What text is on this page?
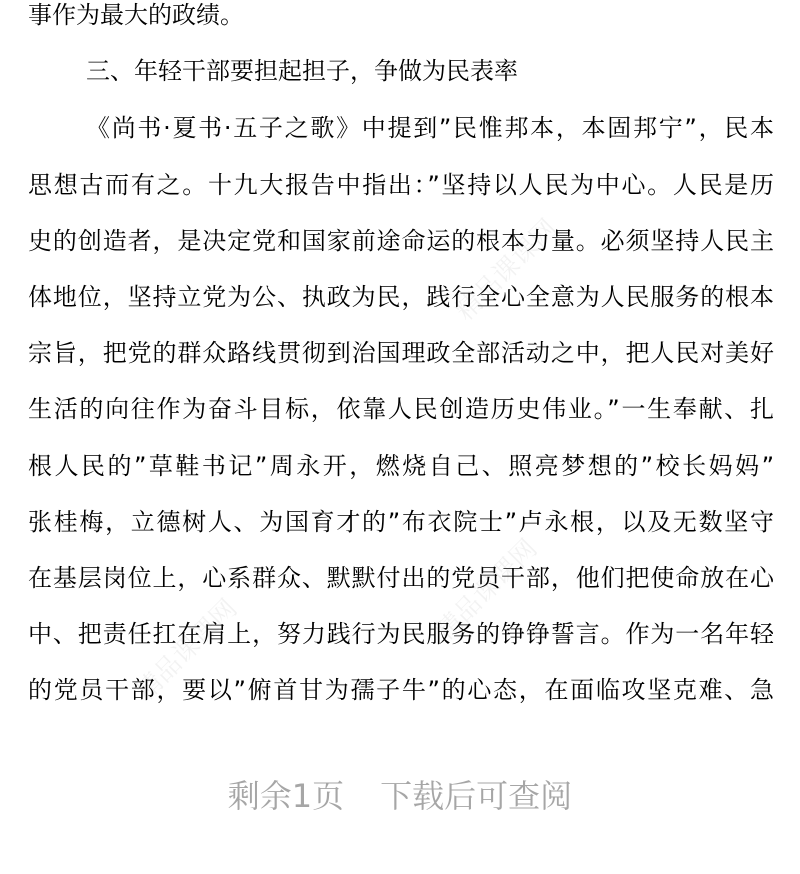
精品课课网
精品课课网
精品课课网
事作为最大的政绩。
三、年轻干部要担起担子，争做为民表率
《尚书·夏书·五子之歌》中提到”民惟邦本，本固邦宁”，民本
思想古而有之。十九大报告中指出：”坚持以人民为中心。人民是历
史的创造者，是决定党和国家前途命运的根本力量。必须坚持人民主
体地位，坚持立党为公、执政为民，践行全心全意为人民服务的根本
宗旨，把党的群众路线贯彻到治国理政全部活动之中，把人民对美好
生活的向往作为奋斗目标，依靠人民创造历史伟业。”一生奉献、扎
根人民的”草鞋书记”周永开，燃烧自己、照亮梦想的”校长妈妈”
张桂梅，立德树人、为国育才的”布衣院士”卢永根，以及无数坚守
在基层岗位上，心系群众、默默付出的党员干部，他们把使命放在心
中、把责任扛在肩上，努力践行为民服务的铮铮誓言。作为一名年轻
的党员干部，要以”俯首甘为孺子牛”的心态，在面临攻坚克难、急
剩余1页 下载后可查阅
